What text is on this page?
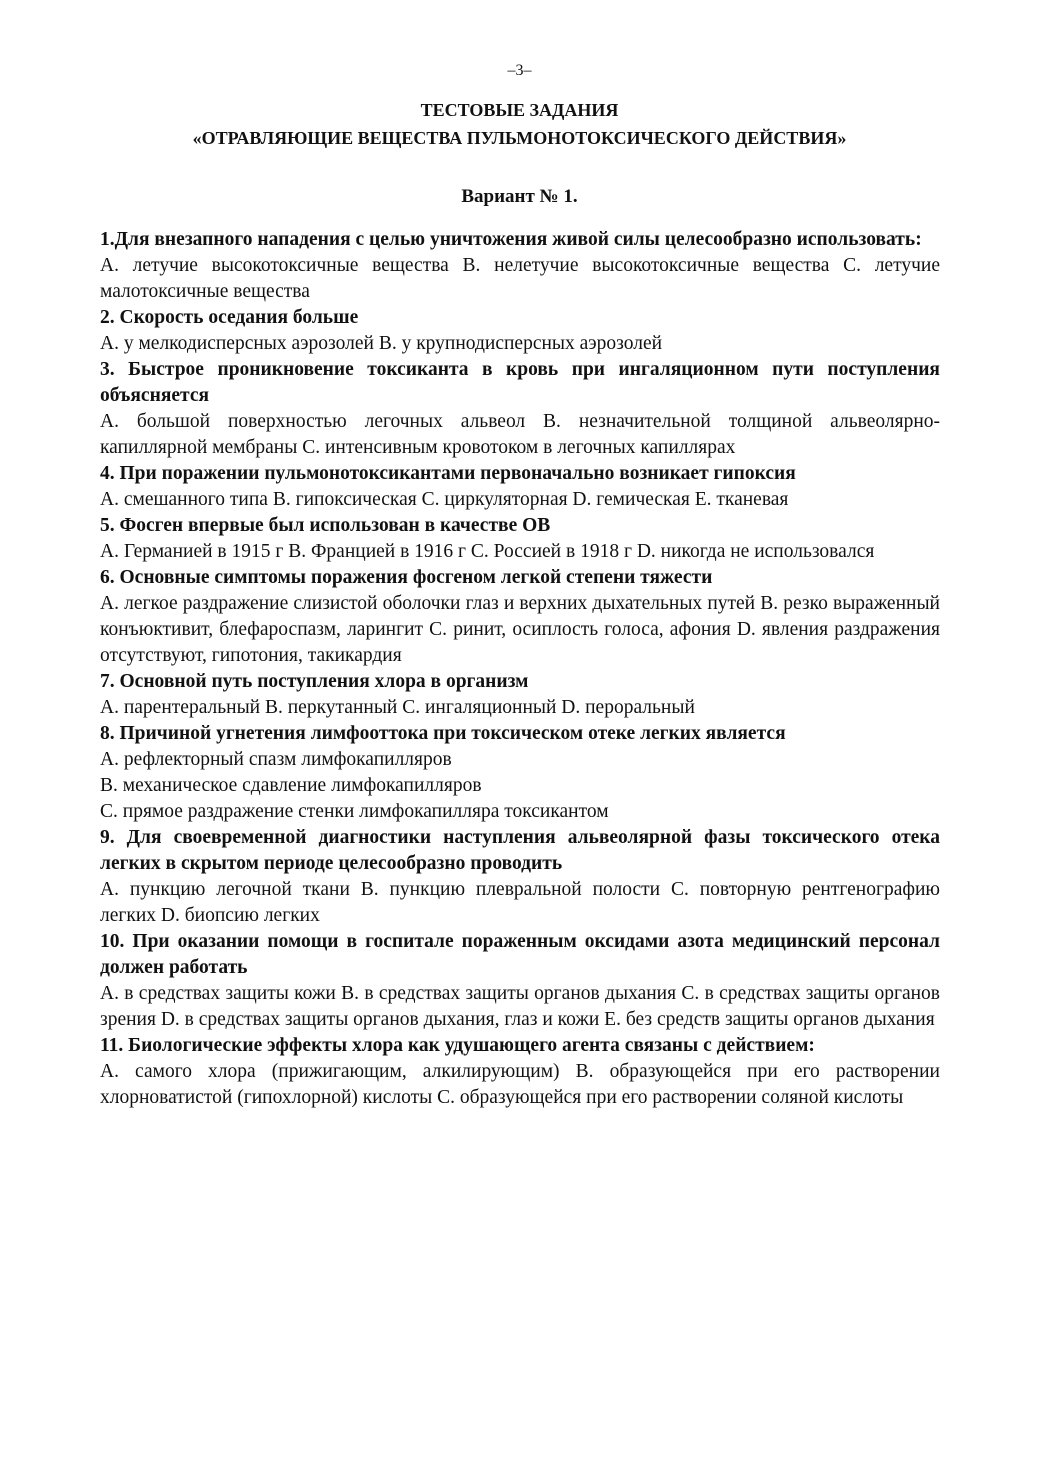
–3–
ТЕСТОВЫЕ ЗАДАНИЯ
«ОТРАВЛЯЮЩИЕ ВЕЩЕСТВА ПУЛЬМОНОТОКСИЧЕСКОГО ДЕЙСТВИЯ»
Вариант № 1.
1.Для внезапного нападения с целью уничтожения живой силы целесообразно использовать:
A. летучие высокотоксичные вещества B. нелетучие высокотоксичные вещества C. летучие малотоксичные вещества
2. Скорость оседания больше
A. у мелкодисперсных аэрозолей B. у крупнодисперсных аэрозолей
3. Быстрое проникновение токсиканта в кровь при ингаляционном пути поступления объясняется
A. большой поверхностью легочных альвеол B. незначительной толщиной альвеолярно-капиллярной мембраны C. интенсивным кровотоком в легочных капиллярах
4. При поражении пульмонотоксикантами первоначально возникает гипоксия
A. смешанного типа B. гипоксическая C. циркуляторная D. гемическая E. тканевая
5. Фосген впервые был использован в качестве ОВ
A. Германией в 1915 г B. Францией в 1916 г C. Россией в 1918 г D. никогда не использовался
6. Основные симптомы поражения фосгеном легкой степени тяжести
A. легкое раздражение слизистой оболочки глаз и верхних дыхательных путей B. резко выраженный конъюктивит, блефароспазм, ларингит C. ринит, осиплость голоса, афония D. явления раздражения отсутствуют, гипотония, такикардия
7. Основной путь поступления хлора в организм
A. парентеральный B. перкутанный C. ингаляционный D. пероральный
8. Причиной угнетения лимфооттока при токсическом отеке легких является
A. рефлекторный спазм лимфокапилляров
B. механическое сдавление лимфокапилляров
C. прямое раздражение стенки лимфокапилляра токсикантом
9. Для своевременной диагностики наступления альвеолярной фазы токсического отека легких в скрытом периоде целесообразно проводить
A. пункцию легочной ткани B. пункцию плевральной полости C. повторную рентгенографию легких D. биопсию легких
10. При оказании помощи в госпитале пораженным оксидами азота медицинский персонал должен работать
A. в средствах защиты кожи B. в средствах защиты органов дыхания C. в средствах защиты органов зрения D. в средствах защиты органов дыхания, глаз и кожи E. без средств защиты органов дыхания
11. Биологические эффекты хлора как удушающего агента связаны с действием:
A. самого хлора (прижигающим, алкилирующим) B. образующейся при его растворении хлорноватистой (гипохлорной) кислоты C. образующейся при его растворении соляной кислоты
